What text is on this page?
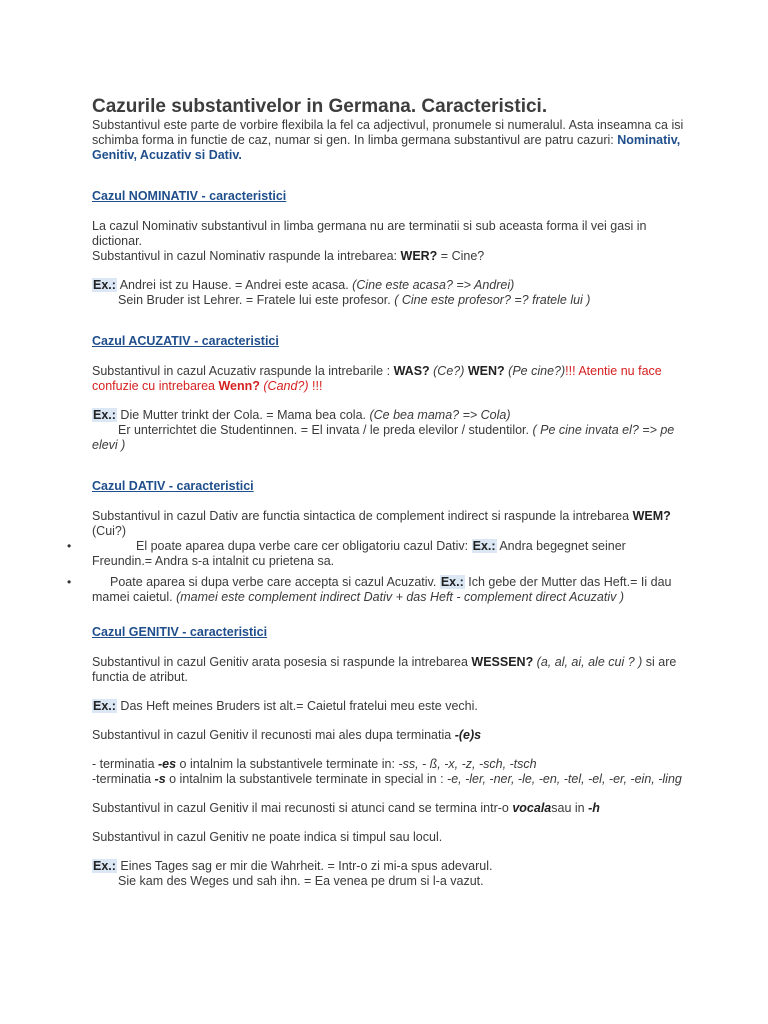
Cazurile substantivelor in Germana. Caracteristici.

Substantivul este parte de vorbire flexibila la fel ca adjectivul, pronumele si numeralul. Asta inseamna ca isi schimba forma in functie de caz, numar si gen. In limba germana substantivul are patru cazuri: Nominativ, Genitiv, Acuzativ si Dativ.

Cazul NOMINATIV - caracteristici

La cazul Nominativ substantivul in limba germana nu are terminatii si sub aceasta forma il vei gasi in dictionar.

Substantivul in cazul Nominativ raspunde la intrebarea: WER? = Cine?

Ex.: Andrei ist zu Hause. = Andrei este acasa. (Cine este acasa? => Andrei)

Sein Bruder ist Lehrer. = Fratele lui este profesor. ( Cine este profesor? =? fratele lui )

Cazul ACUZATIV - caracteristici

Substantivul in cazul Acuzativ raspunde la intrebarile : WAS? (Ce?) WEN? (Pe cine?)!!! Atentie nu face confuzie cu intrebarea Wenn? (Cand?) !!!

Ex.: Die Mutter trinkt der Cola. = Mama bea cola. (Ce bea mama? => Cola)

Er unterrichtet die Studentinnen. = El invata / le preda elevilor / studentilor. ( Pe cine invata el? => pe elevi )

Cazul DATIV - caracteristici

Substantivul in cazul Dativ are functia sintactica de complement indirect si raspunde la intrebarea WEM? (Cui?)

•	El poate aparea dupa verbe care cer obligatoriu cazul Dativ: Ex.: Andra begegnet seiner Freundin.= Andra s-a intalnit cu prietena sa.
•	Poate aparea si dupa verbe care accepta si cazul Acuzativ. Ex.: Ich gebe der Mutter das Heft.= Ii dau mamei caietul. (mamei este complement indirect Dativ + das Heft - complement direct Acuzativ )
Cazul GENITIV - caracteristici

Substantivul in cazul Genitiv arata posesia si raspunde la intrebarea WESSEN? (a, al, ai, ale cui ? ) si are functia de atribut.

Ex.: Das Heft meines Bruders ist alt.= Caietul fratelui meu este vechi.

Substantivul in cazul Genitiv il recunosti mai ales dupa terminatia -(e)s

- terminatia -es o intalnim la substantivele terminate in: -ss, - ß, -x, -z, -sch, -tsch

-terminatia -s o intalnim la substantivele terminate in special in : -e, -ler, -ner, -le, -en, -tel, -el, -er, -ein, -ling

Substantivul in cazul Genitiv il mai recunosti si atunci cand se termina intr-o vocalasau in -h

Substantivul in cazul Genitiv ne poate indica si timpul sau locul.

Ex.: Eines Tages sag er mir die Wahrheit. = Intr-o zi mi-a spus adevarul.

Sie kam des Weges und sah ihn. = Ea venea pe drum si l-a vazut.
